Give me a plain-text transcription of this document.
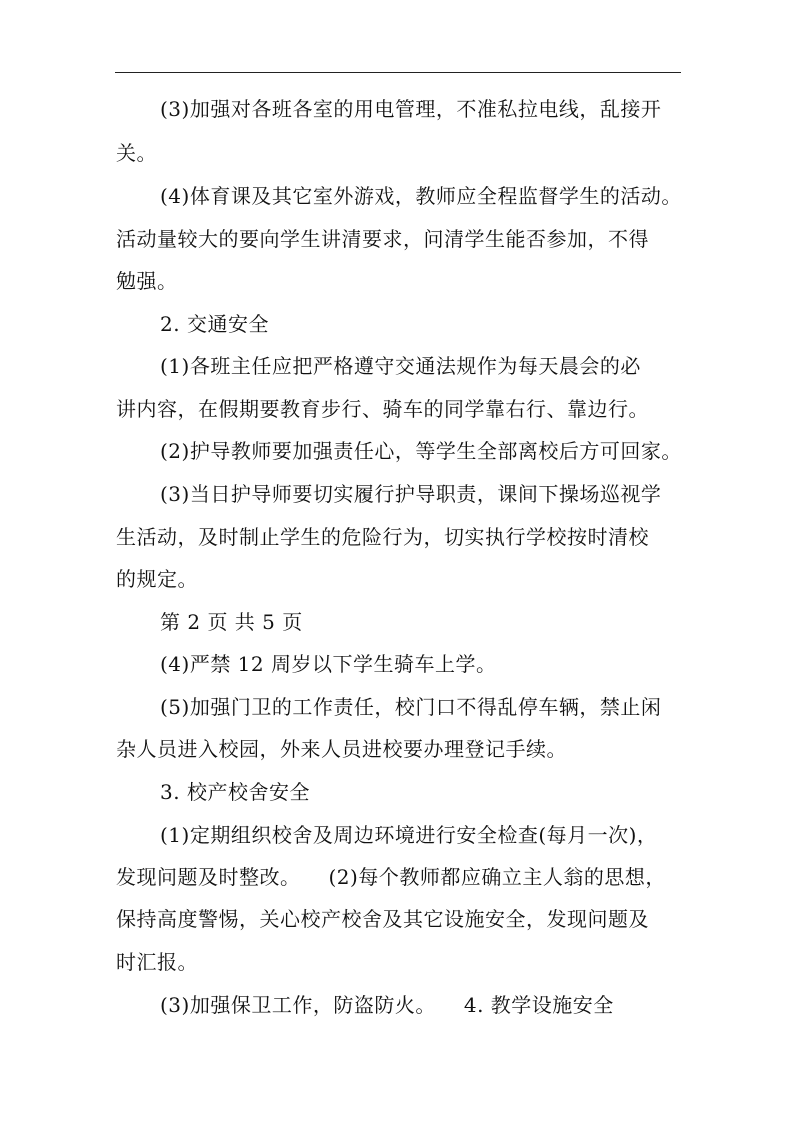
(3)加强对各班各室的用电管理，不准私拉电线，乱接开
关。
(4)体育课及其它室外游戏，教师应全程监督学生的活动。
活动量较大的要向学生讲清要求，问清学生能否参加，不得
勉强。
2. 交通安全
(1)各班主任应把严格遵守交通法规作为每天晨会的必
讲内容，在假期要教育步行、骑车的同学靠右行、靠边行。
(2)护导教师要加强责任心，等学生全部离校后方可回家。
(3)当日护导师要切实履行护导职责，课间下操场巡视学
生活动，及时制止学生的危险行为，切实执行学校按时清校
的规定。
第 2 页 共 5 页
(4)严禁 12 周岁以下学生骑车上学。
(5)加强门卫的工作责任，校门口不得乱停车辆，禁止闲
杂人员进入校园，外来人员进校要办理登记手续。
3. 校产校舍安全
(1)定期组织校舍及周边环境进行安全检查(每月一次)，
发现问题及时整改。 (2)每个教师都应确立主人翁的思想，
保持高度警惕，关心校产校舍及其它设施安全，发现问题及
时汇报。
(3)加强保卫工作，防盗防火。 4. 教学设施安全
